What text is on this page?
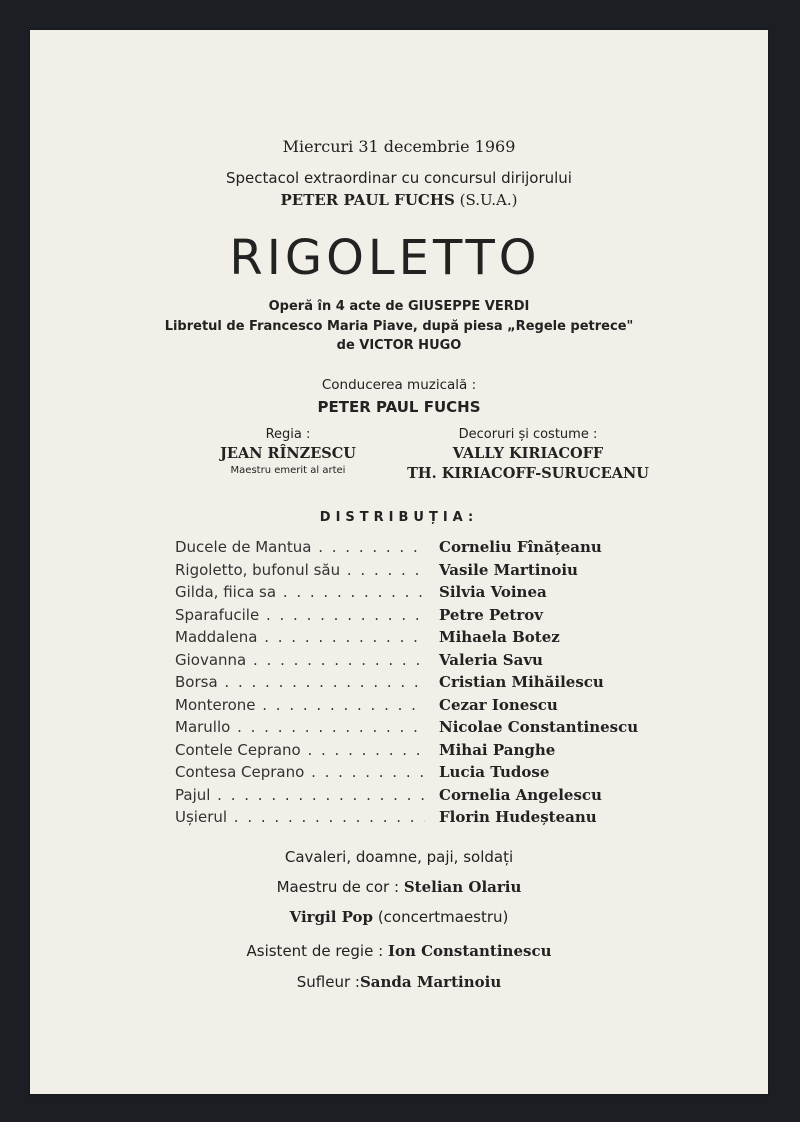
Miercuri 31 decembrie 1969
Spectacol extraordinar cu concursul dirijorului
PETER PAUL FUCHS (S.U.A.)
RIGOLETTO
Operă în 4 acte de GIUSEPPE VERDI
Libretul de Francesco Maria Piave, după piesa „Regele petrece"
de VICTOR HUGO
Conducerea muzicală :
PETER PAUL FUCHS
Regia :
JEAN RÎNZESCU
Maestru emerit al artei
Decoruri și costume :
VALLY KIRIACOFF
TH. KIRIACOFF-SURUCEANU
DISTRIBUȚIA:
Ducele de Mantua . . .	Corneliu Fînățeanu
Rigoletto, bufonul său . . .	Vasile Martinoiu
Gilda, fiica sa . . .	Silvia Voinea
Sparafucile . . .	Petre Petrov
Maddalena . . .	Mihaela Botez
Giovanna . . .	Valeria Savu
Borsa . . .	Cristian Mihăilescu
Monterone . . .	Cezar Ionescu
Marullo . . .	Nicolae Constantinescu
Contele Ceprano . . .	Mihai Panghe
Contesa Ceprano . . .	Lucia Tudose
Pajul . . .	Cornelia Angelescu
Ușierul . . .	Florin Hudeșteanu
Cavaleri, doamne, paji, soldați
Maestru de cor : Stelian Olariu
Virgil Pop (concertmaestru)
Asistent de regie : Ion Constantinescu
Sufleur :Sanda Martinoiu
